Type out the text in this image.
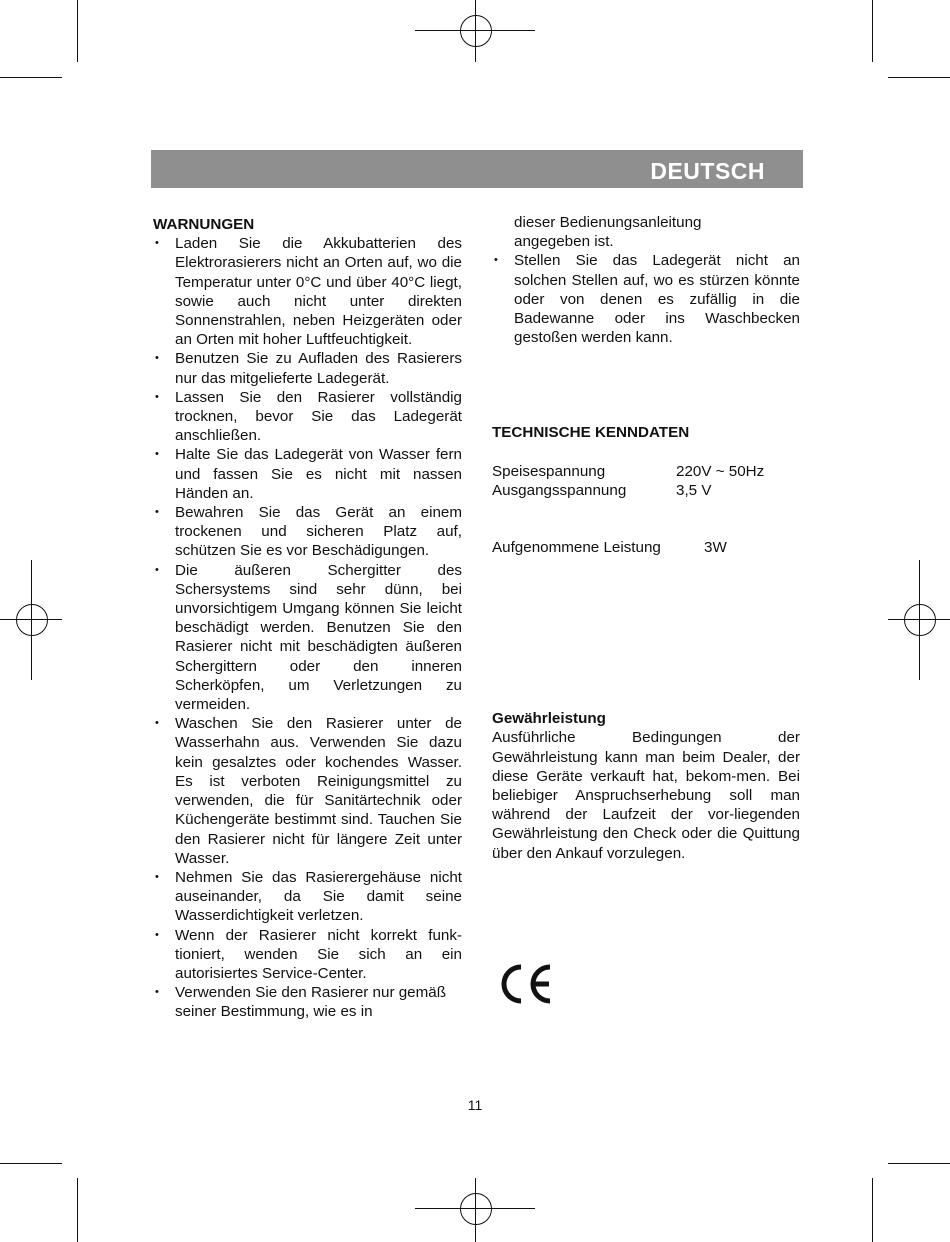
DEUTSCH

WARNUNGEN

• Laden Sie die Akkubatterien des Elektrorasierers nicht an Orten auf, wo die Temperatur unter 0°C und über 40°C liegt, sowie auch nicht unter direkten Sonnenstrahlen, neben Heizgeräten oder an Orten mit hoher Luftfeuchtigkeit.
• Benutzen Sie zu Aufladen des Rasierers nur das mitgelieferte Ladegerät.
• Lassen Sie den Rasierer vollständig trocknen, bevor Sie das Ladegerät anschließen.
• Halte Sie das Ladegerät von Wasser fern und fassen Sie es nicht mit nassen Händen an.
• Bewahren Sie das Gerät an einem trockenen und sicheren Platz auf, schützen Sie es vor Beschädigungen.
• Die äußeren Schergitter des Schersystems sind sehr dünn, bei unvorsichtigem Umgang können Sie leicht beschädigt werden. Benutzen Sie den Rasierer nicht mit beschädigten äußeren Schergittern oder den inneren Scherköpfen, um Verletzungen zu vermeiden.
• Waschen Sie den Rasierer unter de Wasserhahn aus. Verwenden Sie dazu kein gesalztes oder kochendes Wasser. Es ist verboten Reinigungsmittel zu verwenden, die für Sanitärtechnik oder Küchengeräte bestimmt sind. Tauchen Sie den Rasierer nicht für längere Zeit unter Wasser.
• Nehmen Sie das Rasierergehäuse nicht auseinander, da Sie damit seine Wasserdichtigkeit verletzen.
• Wenn der Rasierer nicht korrekt funk-tioniert, wenden Sie sich an ein autorisiertes Service-Center.
• Verwenden Sie den Rasierer nur gemäß seiner Bestimmung, wie es in
dieser Bedienungsanleitung angegeben ist.
• Stellen Sie das Ladegerät nicht an solchen Stellen auf, wo es stürzen könnte oder von denen es zufällig in die Badewanne oder ins Waschbecken gestoßen werden kann.

TECHNISCHE KENNDATEN

Speisespannung	220V ~ 50Hz
Ausgangsspannung	3,5 V
Aufgenommene Leistung	3W

Gewährleistung

Ausführliche Bedingungen der Gewährleistung kann man beim Dealer, der diese Geräte verkauft hat, bekom-men. Bei beliebiger Anspruchserhebung soll man während der Laufzeit der vor-liegenden Gewährleistung den Check oder die Quittung über den Ankauf vorzulegen.

11
